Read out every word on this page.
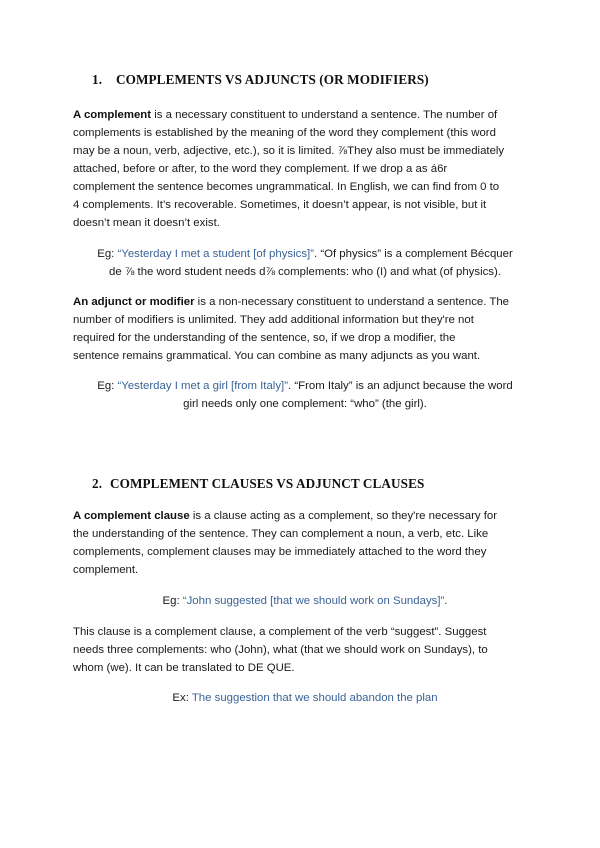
1. COMPLEMENTS VS ADJUNCTS (OR MODIFIERS)
A complement is a necessary constituent to understand a sentence. The number of
complements is established by the meaning of the word they complement (this word
may be a noun, verb, adjective, etc.), so it is limited. ⅞They also must be immediately
attached, before or after, to the word they complement. If we drop a as á6r
complement the sentence becomes ungrammatical. In English, we can find from 0 to
4 complements. It’s recoverable. Sometimes, it doesn’t appear, is not visible, but it
doesn’t mean it doesn’t exist.
Eg: “Yesterday I met a student [of physics]”. “Of physics” is a complement Bécquer
de ⅞ the word student needs d⅞ complements: who (I) and what (of physics).
An adjunct or modifier is a non-necessary constituent to understand a sentence. The
number of modifiers is unlimited. They add additional information but they're not
required for the understanding of the sentence, so, if we drop a modifier, the
sentence remains grammatical. You can combine as many adjuncts as you want.
Eg: “Yesterday I met a girl [from Italy]”. “From Italy” is an adjunct because the word
girl needs only one complement: “who” (the girl).
2. COMPLEMENT CLAUSES VS ADJUNCT CLAUSES
A complement clause is a clause acting as a complement, so they're necessary for
the understanding of the sentence. They can complement a noun, a verb, etc. Like
complements, complement clauses may be immediately attached to the word they
complement.
Eg: “John suggested [that we should work on Sundays]”.
This clause is a complement clause, a complement of the verb “suggest”. Suggest
needs three complements: who (John), what (that we should work on Sundays), to
whom (we). It can be translated to DE QUE.
Ex: The suggestion that we should abandon the plan
